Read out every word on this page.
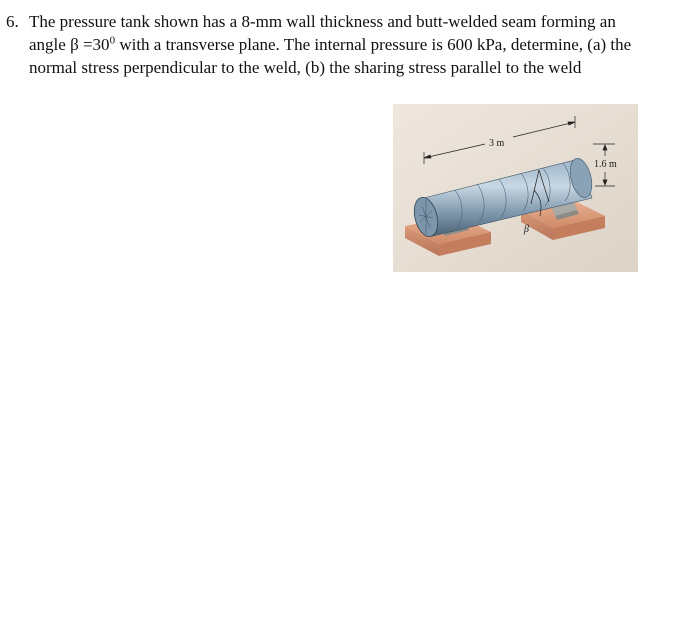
6. The pressure tank shown has a 8-mm wall thickness and butt-welded seam forming an angle $\beta =30^0$ with a transverse plane. The internal pressure is 600 kPa, determine, (a) the normal stress perpendicular to the weld, (b) the sharing stress parallel to the weld
β
3 m
1.6 m
